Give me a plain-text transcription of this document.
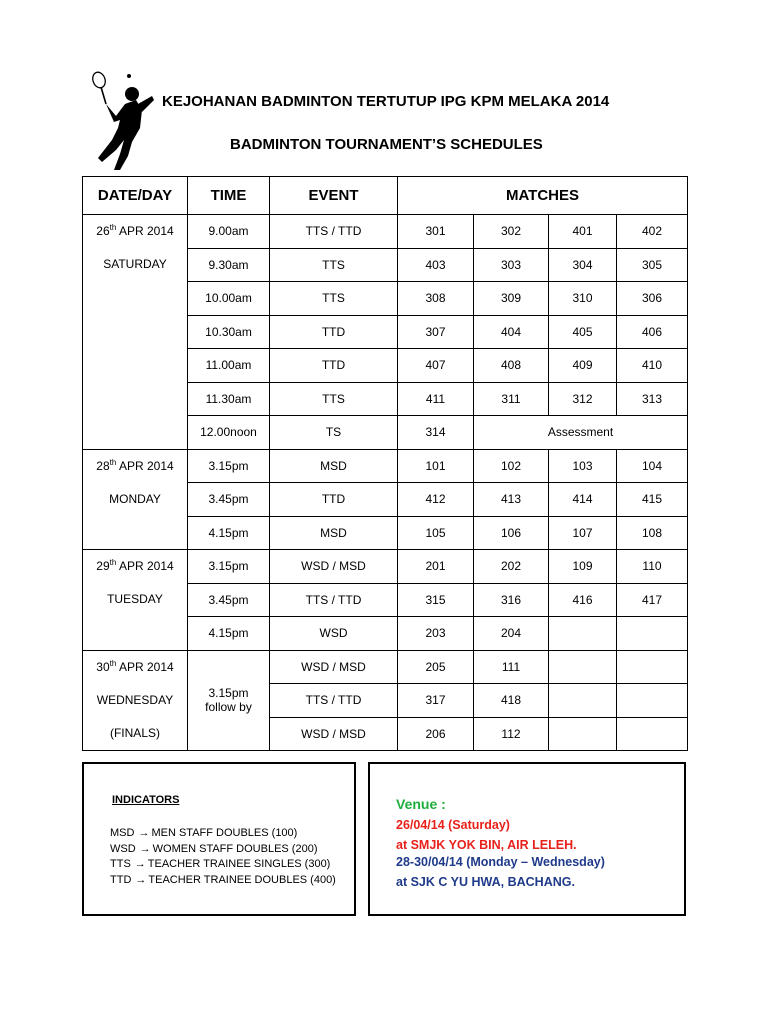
KEJOHANAN BADMINTON TERTUTUP IPG KPM MELAKA 2014
BADMINTON TOURNAMENT’S SCHEDULES
DATE/DAY	TIME	EVENT	MATCHES			

26th APR 2014
SATURDAY	9.00am	TTS / TTD	301	302	401	402
	9.30am	TTS	403	303	304	305
	10.00am	TTS	308	309	310	306
	10.30am	TTD	307	404	405	406
	11.00am	TTD	407	408	409	410
	11.30am	TTS	411	311	312	313
	12.00noon	TS	314	Assessment		

28th APR 2014
MONDAY	3.15pm	MSD	101	102	103	104
	3.45pm	TTD	412	413	414	415
	4.15pm	MSD	105	106	107	108

29th APR 2014
TUESDAY	3.15pm	WSD / MSD	201	202	109	110
	3.45pm	TTS / TTD	315	316	416	417
	4.15pm	WSD	203	204		

30th APR 2014
WEDNESDAY
(FINALS)	3.15pm follow by	WSD / MSD	205	111		
		TTS / TTD	317	418		
		WSD / MSD	206	112		
INDICATORS
MSD → MEN STAFF DOUBLES (100)
WSD → WOMEN STAFF DOUBLES (200)
TTS → TEACHER TRAINEE SINGLES (300)
TTD → TEACHER TRAINEE DOUBLES (400)
Venue :
26/04/14 (Saturday)
at SMJK YOK BIN, AIR LELEH.
28-30/04/14 (Monday – Wednesday)
at SJK C YU HWA, BACHANG.
